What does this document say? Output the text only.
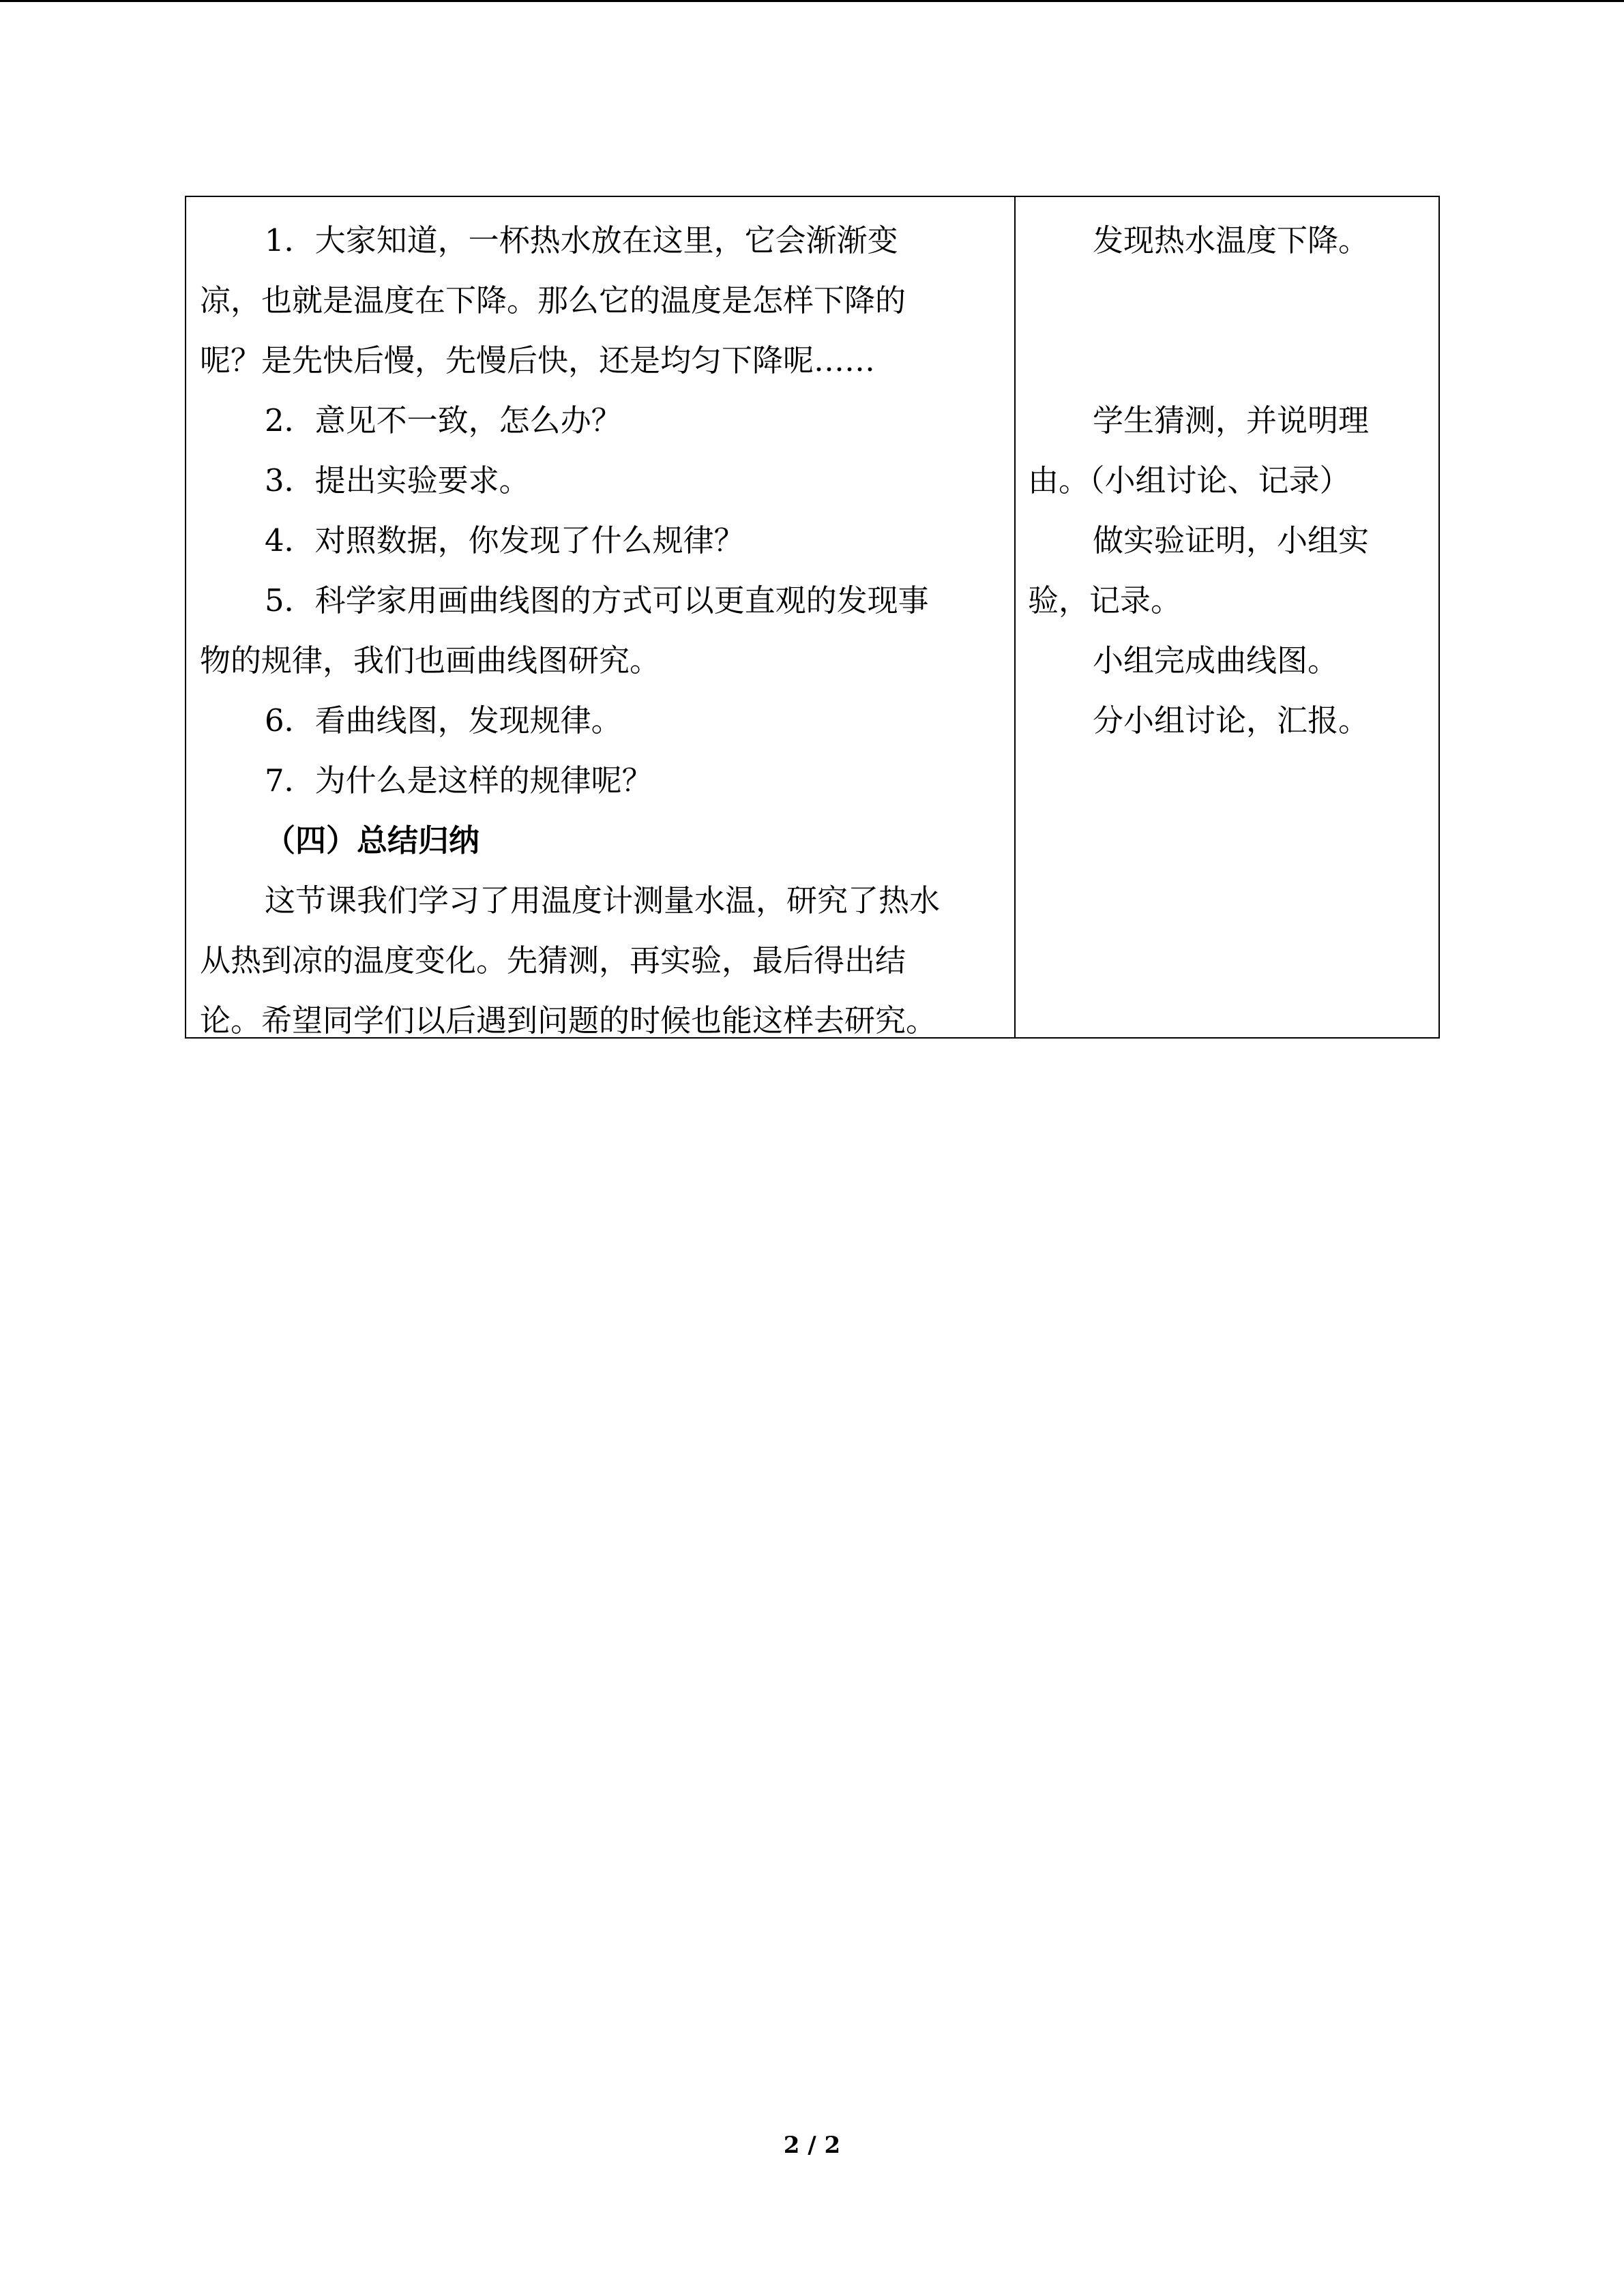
1．大家知道，一杯热水放在这里，它会渐渐变
凉，也就是温度在下降。那么它的温度是怎样下降的
呢？是先快后慢，先慢后快，还是均匀下降呢……
2．意见不一致，怎么办？
3．提出实验要求。
4．对照数据，你发现了什么规律？
5．科学家用画曲线图的方式可以更直观的发现事
物的规律，我们也画曲线图研究。
6．看曲线图，发现规律。
7．为什么是这样的规律呢？
（四）总结归纳
这节课我们学习了用温度计测量水温，研究了热水
从热到凉的温度变化。先猜测，再实验，最后得出结
论。希望同学们以后遇到问题的时候也能这样去研究。
发现热水温度下降。
学生猜测，并说明理
由。（小组讨论、记录）
做实验证明，小组实
验，记录。
小组完成曲线图。
分小组讨论，汇报。
2 / 2
